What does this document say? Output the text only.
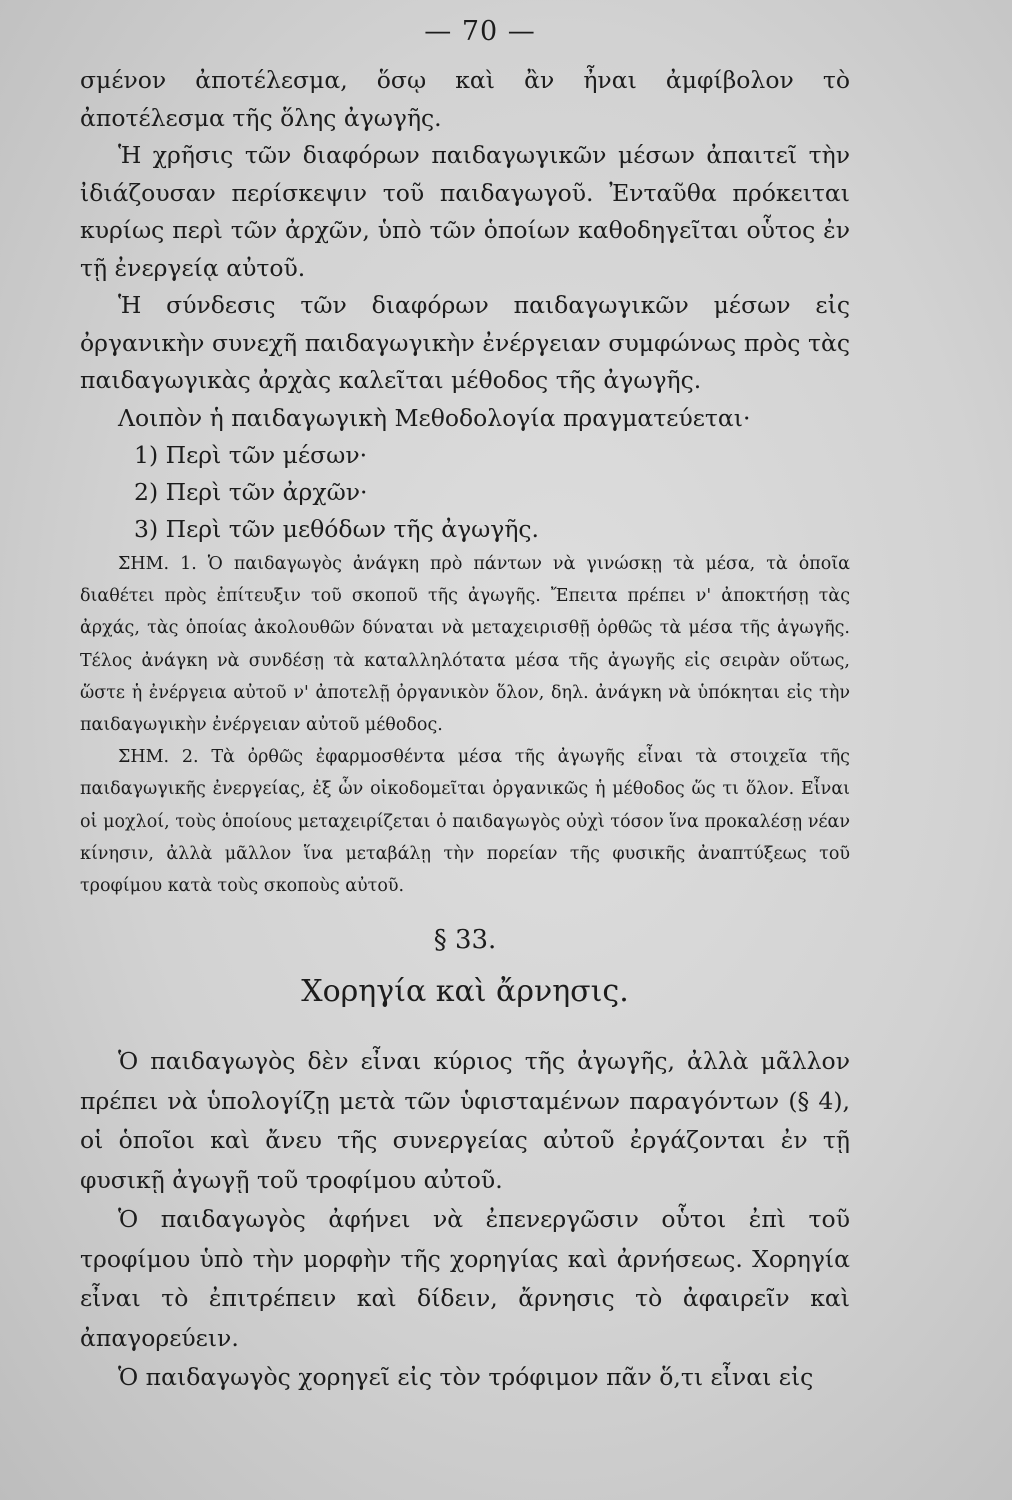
— 70 —

σμένον ἀποτέλεσμα, ὅσῳ καὶ ἂν ἦναι ἀμφίβολον τὸ ἀποτέλεσμα τῆς ὅλης ἀγωγῆς.

Ἡ χρῆσις τῶν διαφόρων παιδαγωγικῶν μέσων ἀπαιτεῖ τὴν ἰδιάζουσαν περίσκεψιν τοῦ παιδαγωγοῦ. Ἐνταῦθα πρόκειται κυρίως περὶ τῶν ἀρχῶν, ὑπὸ τῶν ὁποίων καθοδηγεῖται οὗτος ἐν τῇ ἐνεργείᾳ αὐτοῦ.

Ἡ σύνδεσις τῶν διαφόρων παιδαγωγικῶν μέσων εἰς ὀργανικὴν συνεχῆ παιδαγωγικὴν ἐνέργειαν συμφώνως πρὸς τὰς παιδαγωγικὰς ἀρχὰς καλεῖται μέθοδος τῆς ἀγωγῆς.

Λοιπὸν ἡ παιδαγωγικὴ Μεθοδολογία πραγματεύεται·

1) Περὶ τῶν μέσων·
2) Περὶ τῶν ἀρχῶν·
3) Περὶ τῶν μεθόδων τῆς ἀγωγῆς.

ΣΗΜ. 1. Ὁ παιδαγωγὸς ἀνάγκη πρὸ πάντων νὰ γινώσκῃ τὰ μέσα, τὰ ὁποῖα διαθέτει πρὸς ἐπίτευξιν τοῦ σκοποῦ τῆς ἀγωγῆς. Ἔπειτα πρέπει ν' ἀποκτήσῃ τὰς ἀρχάς, τὰς ὁποίας ἀκολουθῶν δύναται νὰ μεταχειρισθῇ ὀρθῶς τὰ μέσα τῆς ἀγωγῆς. Τέλος ἀνάγκη νὰ συνδέσῃ τὰ καταλληλότατα μέσα τῆς ἀγωγῆς εἰς σειρὰν οὕτως, ὥστε ἡ ἐνέργεια αὐτοῦ ν' ἀποτελῇ ὀργανικὸν ὅλον, δηλ. ἀνάγκη νὰ ὑπόκηται εἰς τὴν παιδαγωγικὴν ἐνέργειαν αὐτοῦ μέθοδος.

ΣΗΜ. 2. Τὰ ὀρθῶς ἐφαρμοσθέντα μέσα τῆς ἀγωγῆς εἶναι τὰ στοιχεῖα τῆς παιδαγωγικῆς ἐνεργείας, ἐξ ὧν οἰκοδομεῖται ὀργανικῶς ἡ μέθοδος ὥς τι ὅλον. Εἶναι οἱ μοχλοί, τοὺς ὁποίους μεταχειρίζεται ὁ παιδαγωγὸς οὐχὶ τόσον ἵνα προκαλέσῃ νέαν κίνησιν, ἀλλὰ μᾶλλον ἵνα μεταβάλῃ τὴν πορείαν τῆς φυσικῆς ἀναπτύξεως τοῦ τροφίμου κατὰ τοὺς σκοποὺς αὐτοῦ.

§ 33.
Χορηγία καὶ ἄρνησις.

Ὁ παιδαγωγὸς δὲν εἶναι κύριος τῆς ἀγωγῆς, ἀλλὰ μᾶλλον πρέπει νὰ ὑπολογίζῃ μετὰ τῶν ὑφισταμένων παραγόντων (§ 4), οἱ ὁποῖοι καὶ ἄνευ τῆς συνεργείας αὐτοῦ ἐργάζονται ἐν τῇ φυσικῇ ἀγωγῇ τοῦ τροφίμου αὐτοῦ.

Ὁ παιδαγωγὸς ἀφήνει νὰ ἐπενεργῶσιν οὗτοι ἐπὶ τοῦ τροφίμου ὑπὸ τὴν μορφὴν τῆς χορηγίας καὶ ἀρνήσεως. Χορηγία εἶναι τὸ ἐπιτρέπειν καὶ δίδειν, ἄρνησις τὸ ἀφαιρεῖν καὶ ἀπαγορεύειν.

Ὁ παιδαγωγὸς χορηγεῖ εἰς τὸν τρόφιμον πᾶν ὅ,τι εἶναι εἰς
